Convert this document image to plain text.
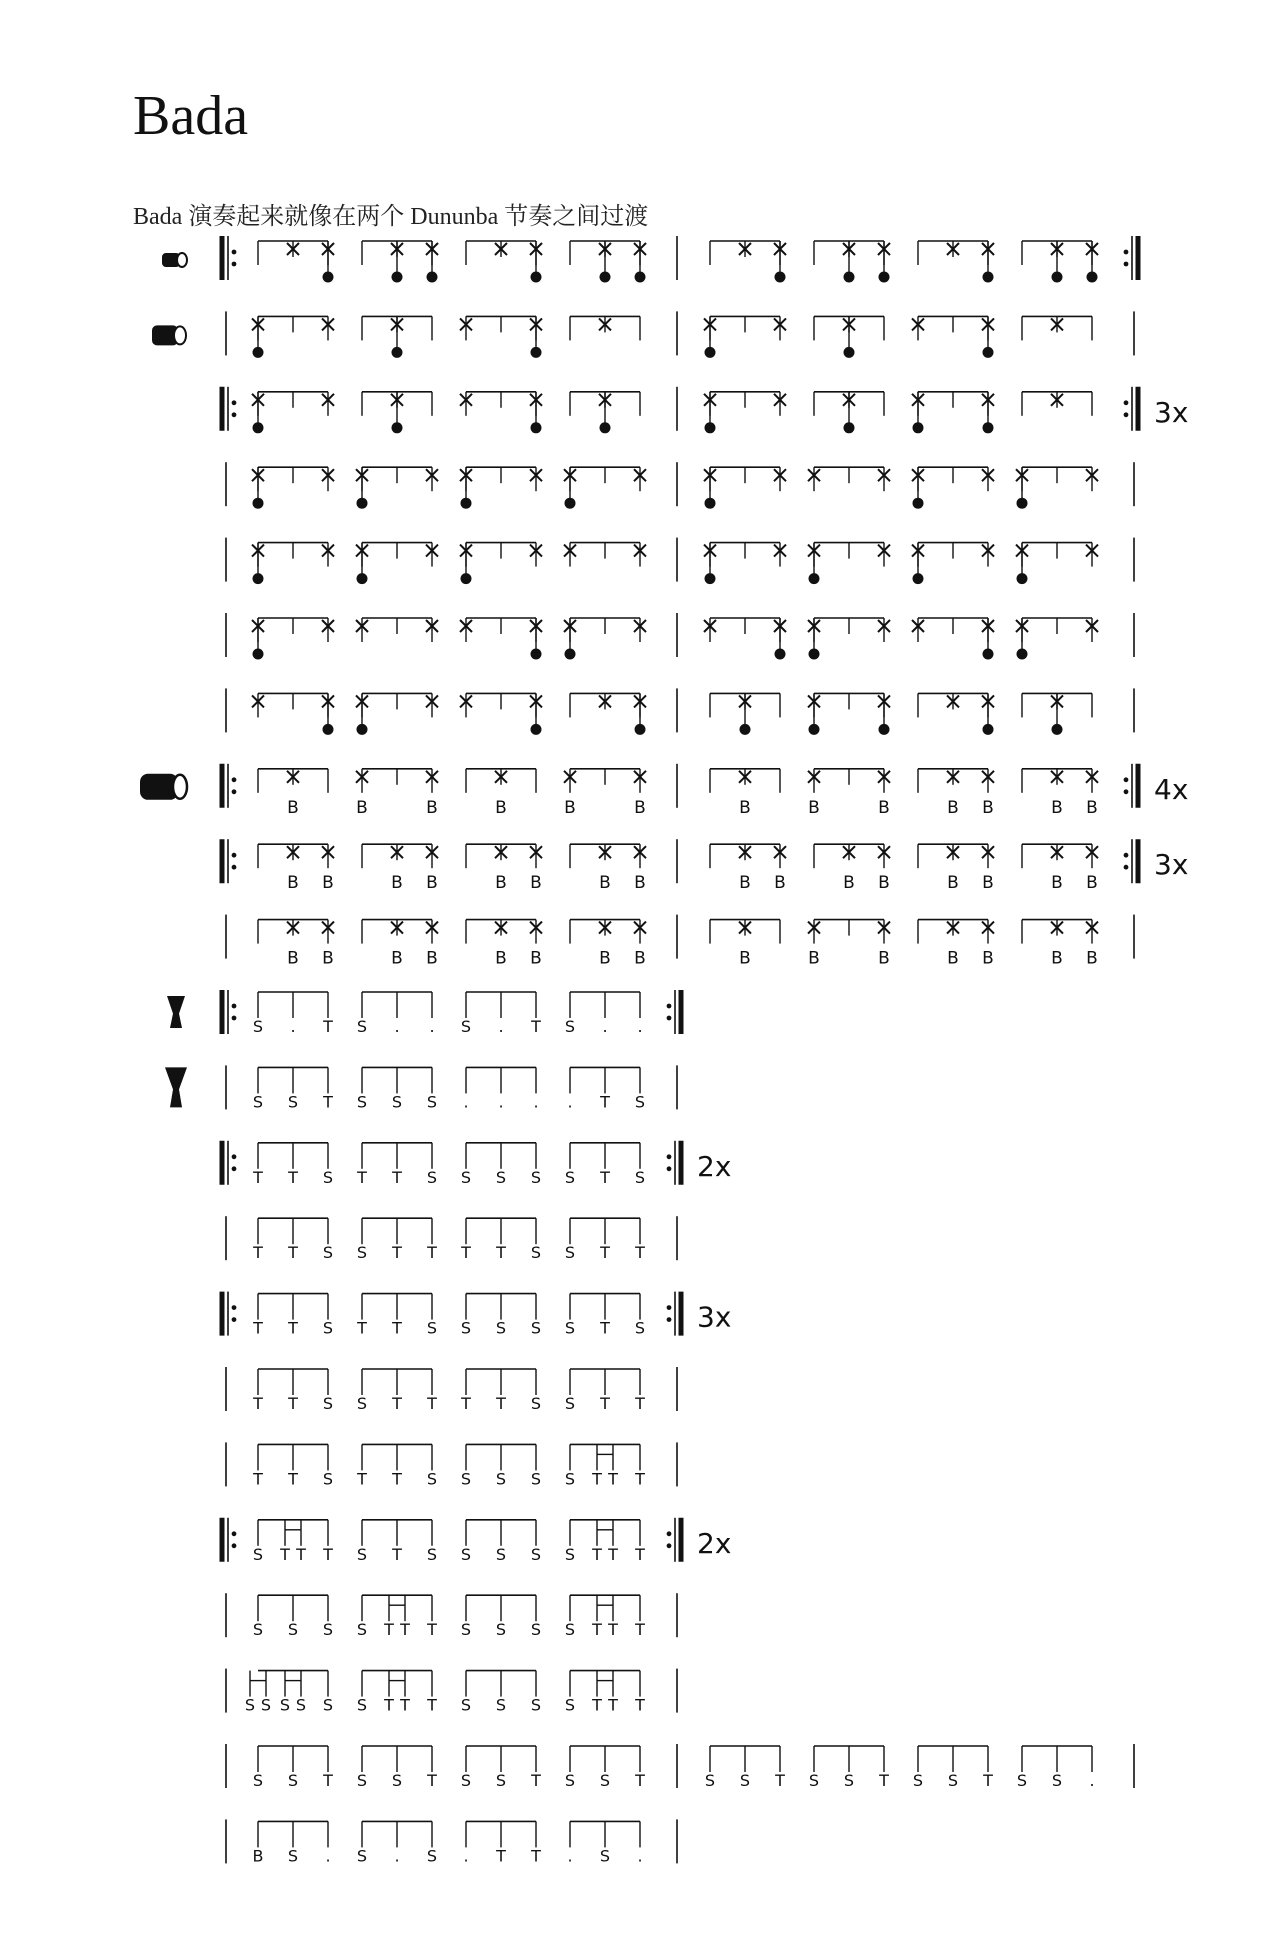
Bada

Bada 演奏起来就像在两个 Dununba 节奏之间过渡

3x
B	B	B	B	B	B	B	B	B	B B	B B
4x
B B	B B	B B	B B	B B	B B	B B	B B
3x
B B	B B	B B	B B	B	B	B	B B	B B
S . T S . . S . T S . .
S S T S S S . . . . T S
T T S T T S S S S S T S 2x
T T S S T T T T S S T T
T T S T T S S S S S T S 3x
T T S S T T T T S S T T
T T S T T S S S S S T T T
S T T T S T S S S S S T T T 2x
S S S S T T T S S S S T T T
S S S S S S T T T S S S S T T T
S S T S S T S S T S S T	S S T S S T S S T S S .
B S . S . S . T T . S .
